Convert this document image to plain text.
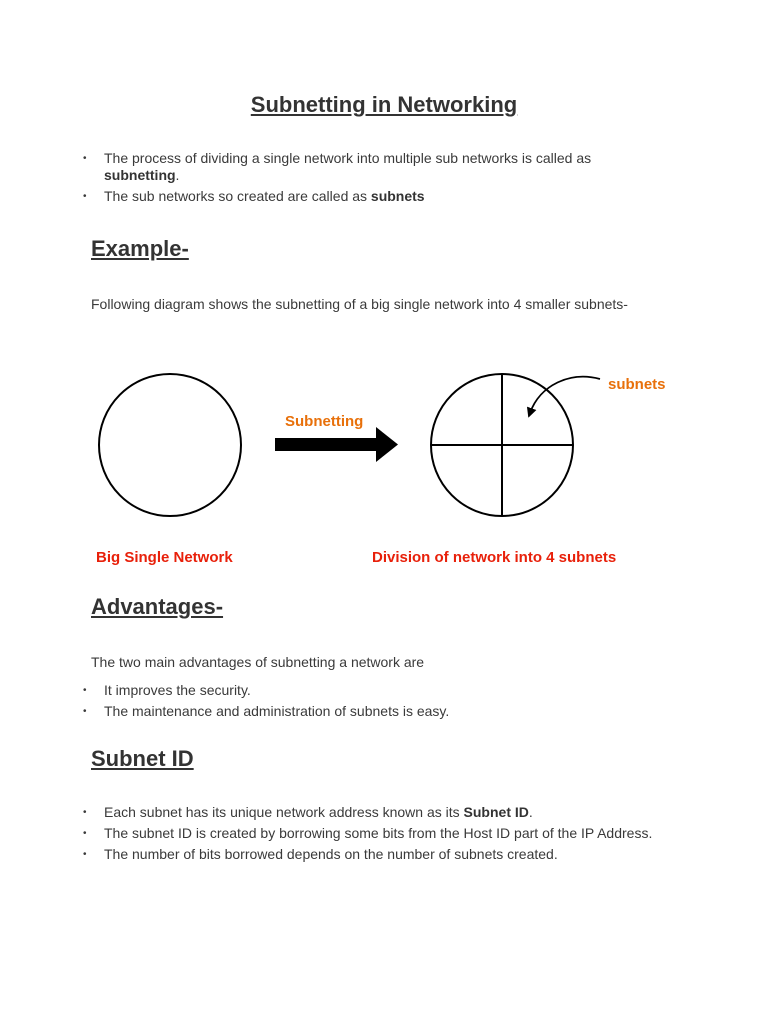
Subnetting in Networking
• The process of dividing a single network into multiple sub networks is called as subnetting.
• The sub networks so created are called as subnets
Example-
Following diagram shows the subnetting of a big single network into 4 smaller subnets-
Subnetting
subnets
Big Single Network	Division of network into 4 subnets
Advantages-
The two main advantages of subnetting a network are
• It improves the security.
• The maintenance and administration of subnets is easy.
Subnet ID
• Each subnet has its unique network address known as its Subnet ID.
• The subnet ID is created by borrowing some bits from the Host ID part of the IP Address.
• The number of bits borrowed depends on the number of subnets created.
